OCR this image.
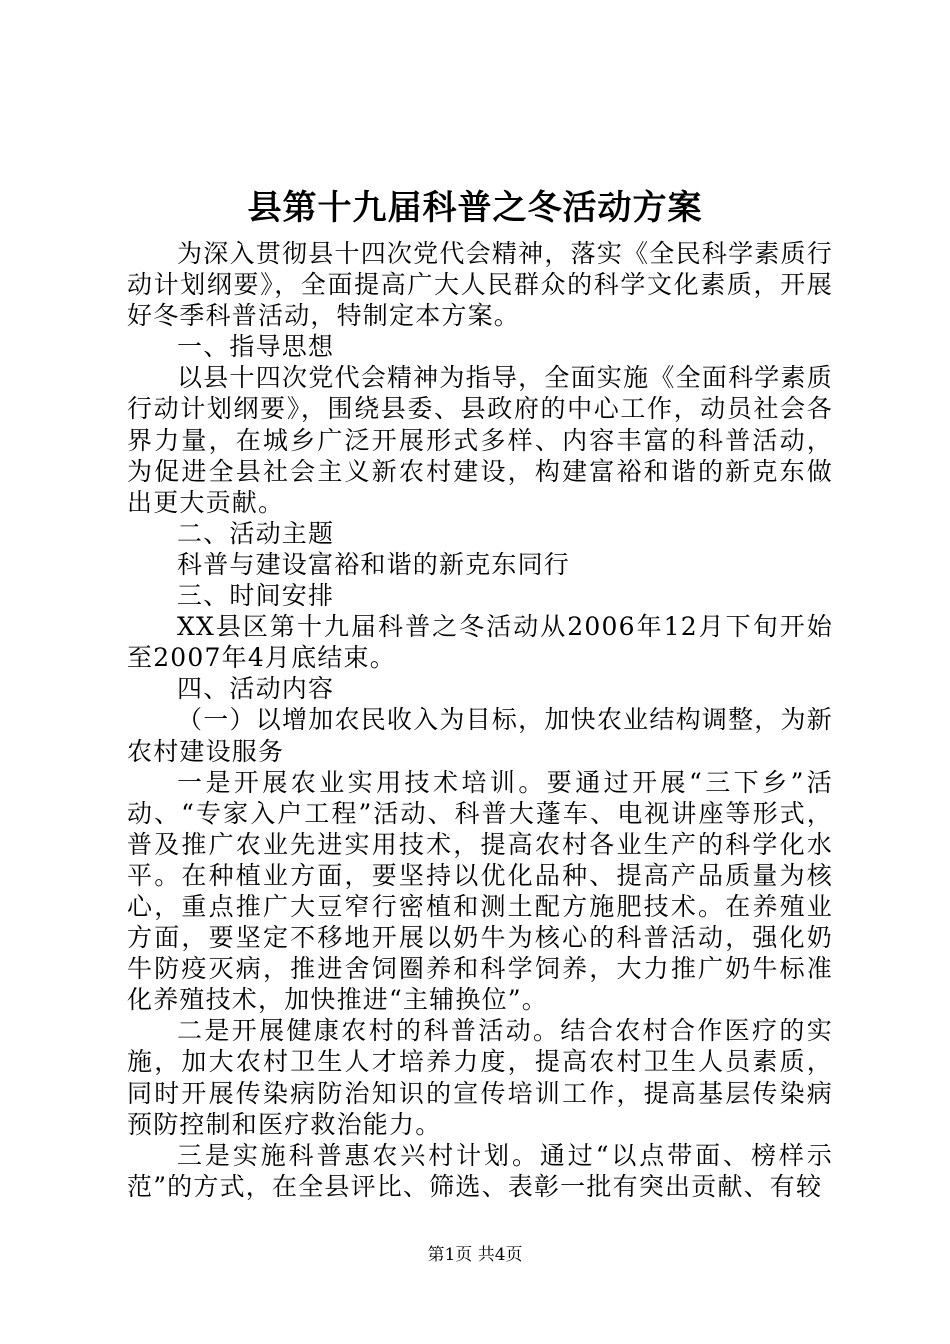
县第十九届科普之冬活动方案

为深入贯彻县十四次党代会精神，落实《全民科学素质行动计划纲要》，全面提高广大人民群众的科学文化素质，开展好冬季科普活动，特制定本方案。

一、指导思想

以县十四次党代会精神为指导，全面实施《全面科学素质行动计划纲要》，围绕县委、县政府的中心工作，动员社会各界力量，在城乡广泛开展形式多样、内容丰富的科普活动，为促进全县社会主义新农村建设，构建富裕和谐的新克东做出更大贡献。

二、活动主题

科普与建设富裕和谐的新克东同行

三、时间安排

XX县区第十九届科普之冬活动从2006年12月下旬开始至2007年4月底结束。

四、活动内容

（一）以增加农民收入为目标，加快农业结构调整，为新农村建设服务

一是开展农业实用技术培训。要通过开展“三下乡”活动、“专家入户工程”活动、科普大蓬车、电视讲座等形式，普及推广农业先进实用技术，提高农村各业生产的科学化水平。在种植业方面，要坚持以优化品种、提高产品质量为核心，重点推广大豆窄行密植和测土配方施肥技术。在养殖业方面，要坚定不移地开展以奶牛为核心的科普活动，强化奶牛防疫灭病，推进舍饲圈养和科学饲养，大力推广奶牛标准化养殖技术，加快推进“主辅换位”。

二是开展健康农村的科普活动。结合农村合作医疗的实施，加大农村卫生人才培养力度，提高农村卫生人员素质，同时开展传染病防治知识的宣传培训工作，提高基层传染病预防控制和医疗救治能力。

三是实施科普惠农兴村计划。通过“以点带面、榜样示范”的方式，在全县评比、筛选、表彰一批有突出贡献、有较

第1页 共4页
